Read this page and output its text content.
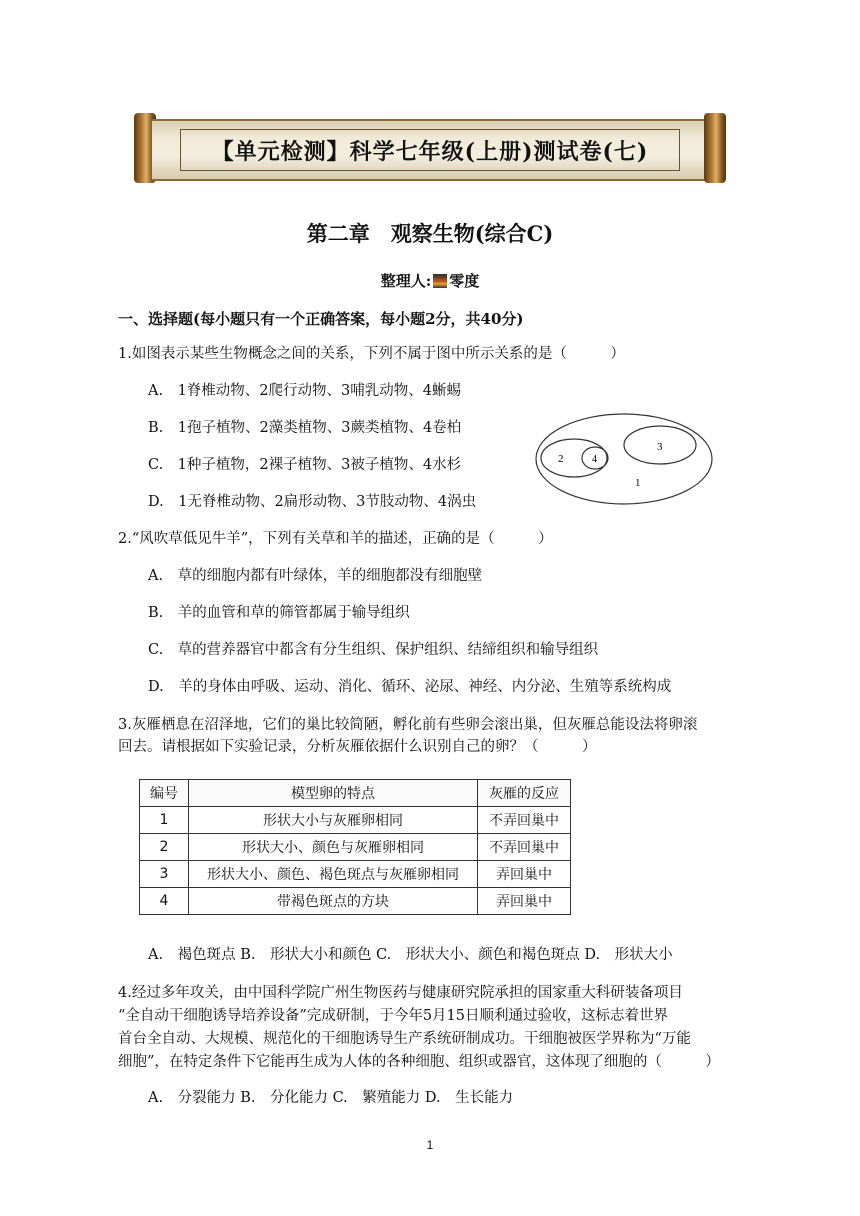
【单元检测】科学七年级(上册)测试卷(七)
第二章　观察生物(综合C)
整理人: 零度
一、选择题(每小题只有一个正确答案，每小题2分，共40分)
1.如图表示某些生物概念之间的关系，下列不属于图中所示关系的是（　　　）
A.　1脊椎动物、2爬行动物、3哺乳动物、4蜥蜴
B.　1孢子植物、2藻类植物、3蕨类植物、4卷柏
C.　1种子植物，2裸子植物、3被子植物、4水杉
D.　1无脊椎动物、2扁形动物、3节肢动物、4涡虫
1
2
3
4
2.“风吹草低见牛羊”，下列有关草和羊的描述，正确的是（　　　）
A.　草的细胞内都有叶绿体，羊的细胞都没有细胞壁
B.　羊的血管和草的筛管都属于输导组织
C.　草的营养器官中都含有分生组织、保护组织、结缔组织和输导组织
D.　羊的身体由呼吸、运动、消化、循环、泌尿、神经、内分泌、生殖等系统构成
3.灰雁栖息在沼泽地，它们的巢比较简陋，孵化前有些卵会滚出巢，但灰雁总能设法将卵滚
回去。请根据如下实验记录，分析灰雁依据什么识别自己的卵？（　　　）
编号	模型卵的特点	灰雁的反应
1	形状大小与灰雁卵相同	不弄回巢中
2	形状大小、颜色与灰雁卵相同	不弄回巢中
3	形状大小、颜色、褐色斑点与灰雁卵相同	弄回巢中
4	带褐色斑点的方块	弄回巢中
A.　褐色斑点 B.　形状大小和颜色 C.　形状大小、颜色和褐色斑点 D.　形状大小
4.经过多年攻关，由中国科学院广州生物医药与健康研究院承担的国家重大科研装备项目
“全自动干细胞诱导培养设备”完成研制，于今年5月15日顺利通过验收，这标志着世界
首台全自动、大规模、规范化的干细胞诱导生产系统研制成功。干细胞被医学界称为“万能
细胞”，在特定条件下它能再生成为人体的各种细胞、组织或器官，这体现了细胞的（　　　）
A.　分裂能力 B.　分化能力 C.　繁殖能力 D.　生长能力
1
